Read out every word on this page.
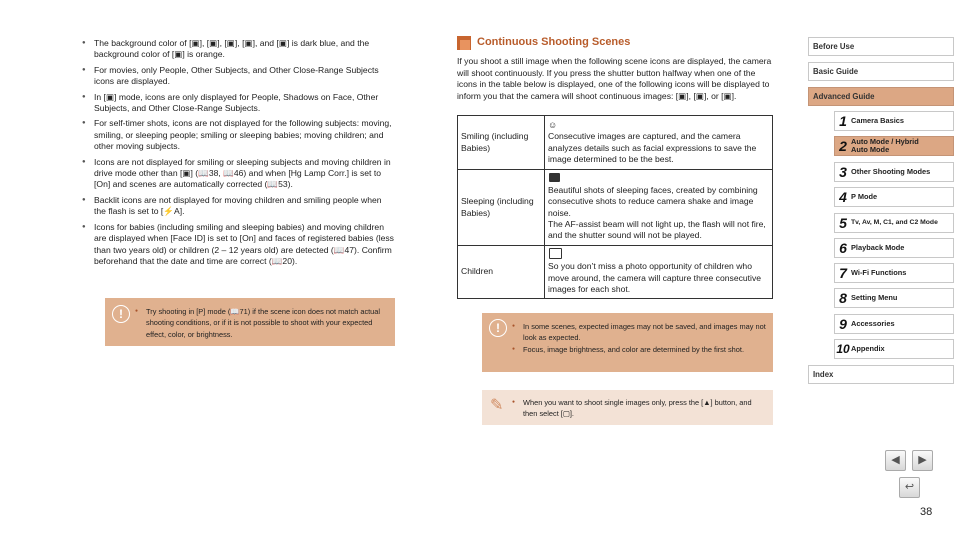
● The background color of [▣], [▣], [▣], [▣], and [▣] is dark blue, and the background color of [▣] is orange.
● For movies, only People, Other Subjects, and Other Close-Range Subjects icons are displayed.
● In [▣] mode, icons are only displayed for People, Shadows on Face, Other Subjects, and Other Close-Range Subjects.
● For self-timer shots, icons are not displayed for the following subjects: moving, smiling, or sleeping people; smiling or sleeping babies; moving children; and other moving subjects.
● Icons are not displayed for smiling or sleeping subjects and moving children in drive mode other than [▣] (📖38, 📖46) and when [Hg Lamp Corr.] is set to [On] and scenes are automatically corrected (📖53).
● Backlit icons are not displayed for moving children and smiling people when the flash is set to [⚡A].
● Icons for babies (including smiling and sleeping babies) and moving children are displayed when [Face ID] is set to [On] and faces of registered babies (less than two years old) or children (2 – 12 years old) are detected (📖47). Confirm beforehand that the date and time are correct (📖20).
!	● Try shooting in [P] mode (📖71) if the scene icon does not match actual shooting conditions, or if it is not possible to shoot with your expected effect, color, or brightness.
Continuous Shooting Scenes
If you shoot a still image when the following scene icons are displayed, the camera will shoot continuously. If you press the shutter button halfway when one of the icons in the table below is displayed, one of the following icons will be displayed to inform you that the camera will shoot continuous images: [▣], [▣], or [▣].
Smiling (including Babies)	☺
Consecutive images are captured, and the camera analyzes details such as facial expressions to save the image determined to be the best.

Sleeping (including Babies)	Beautiful shots of sleeping faces, created by combining consecutive shots to reduce camera shake and image noise.
The AF-assist beam will not light up, the flash will not fire, and the shutter sound will not be played.

Children	So you don’t miss a photo opportunity of children who move around, the camera will capture three consecutive images for each shot.
!	● In some scenes, expected images may not be saved, and images may not look as expected.
● Focus, image brightness, and color are determined by the first shot.
✎	● When you want to shoot single images only, press the [▲] button, and then select [▢].
Before Use
Basic Guide
Advanced Guide
1 Camera Basics
2 Auto Mode / Hybrid Auto Mode
3 Other Shooting Modes
4 P Mode
5 Tv, Av, M, C1, and C2 Mode
6 Playback Mode
7 Wi-Fi Functions
8 Setting Menu
9 Accessories
10 Appendix
Index
◀	▶
↩
38
